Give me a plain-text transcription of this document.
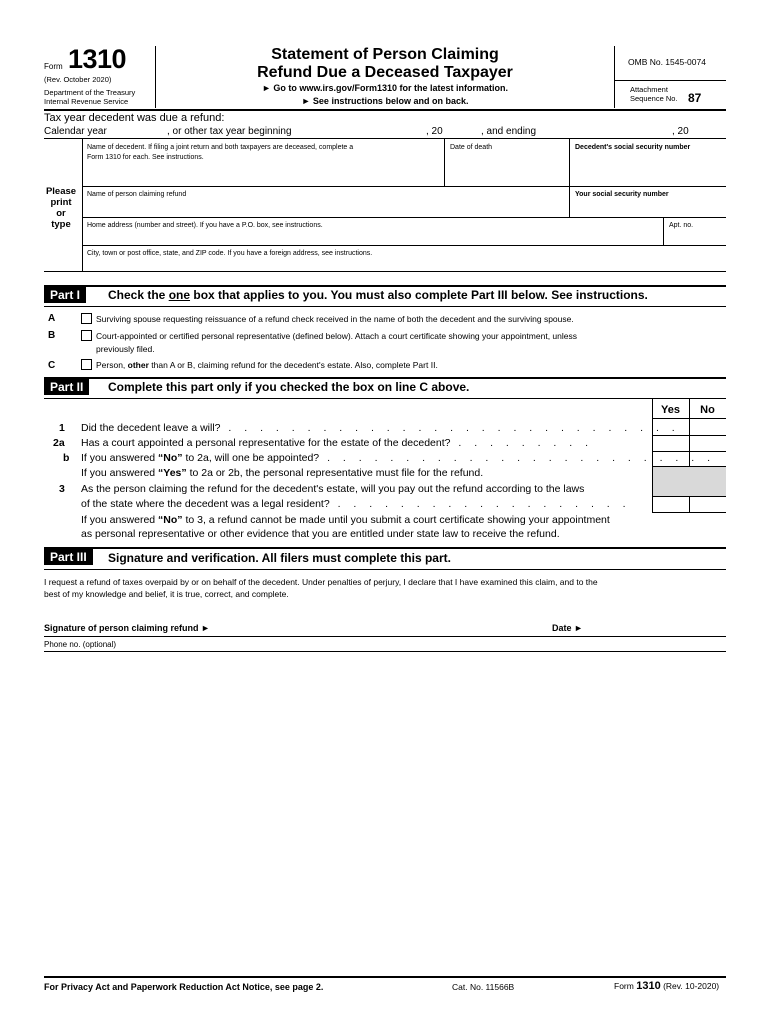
Form 1310
(Rev. October 2020)
Department of the Treasury
Internal Revenue Service
Statement of Person Claiming
Refund Due a Deceased Taxpayer
► Go to www.irs.gov/Form1310 for the latest information.
► See instructions below and on back.
OMB No. 1545-0074
Attachment
Sequence No. 87
Tax year decedent was due a refund:
Calendar year	, or other tax year beginning	, 20	, and ending	, 20
Please
print
or
type
Name of decedent. If filing a joint return and both taxpayers are deceased, complete a
Form 1310 for each. See instructions.
Date of death	Decedent's social security number
Name of person claiming refund	Your social security number
Home address (number and street). If you have a P.O. box, see instructions.	Apt. no.
City, town or post office, state, and ZIP code. If you have a foreign address, see instructions.
Part I	Check the one box that applies to you. You must also complete Part III below. See instructions.
A	Surviving spouse requesting reissuance of a refund check received in the name of both the decedent and the surviving spouse.
B	Court-appointed or certified personal representative (defined below). Attach a court certificate showing your appointment, unless
previously filed.
C	Person, other than A or B, claiming refund for the decedent's estate. Also, complete Part II.
Part II	Complete this part only if you checked the box on line C above.
Yes	No
1 Did the decedent leave a will? . . . . . . . . . . . . . . . . . . . . . . . . . . . . .
2a Has a court appointed a personal representative for the estate of the decedent? . . . . . . . . .
b If you answered “No” to 2a, will one be appointed? . . . . . . . . . . . . . . . . . . . . . . . . .
If you answered “Yes” to 2a or 2b, the personal representative must file for the refund.
3 As the person claiming the refund for the decedent's estate, will you pay out the refund according to the laws
of the state where the decedent was a legal resident? . . . . . . . . . . . . . . . . . . .
If you answered “No” to 3, a refund cannot be made until you submit a court certificate showing your appointment
as personal representative or other evidence that you are entitled under state law to receive the refund.
Part III	Signature and verification. All filers must complete this part.
I request a refund of taxes overpaid by or on behalf of the decedent. Under penalties of perjury, I declare that I have examined this claim, and to the
best of my knowledge and belief, it is true, correct, and complete.
Signature of person claiming refund ►	Date ►
Phone no. (optional)
For Privacy Act and Paperwork Reduction Act Notice, see page 2.	Cat. No. 11566B	Form 1310 (Rev. 10-2020)
